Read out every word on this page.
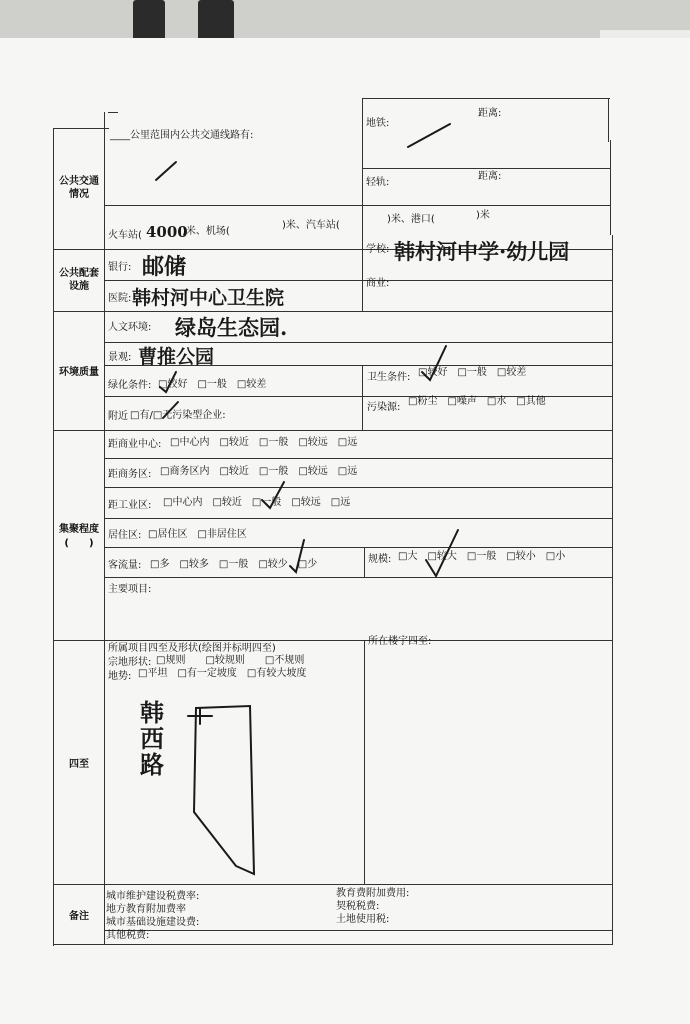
公共交通情况
公共配套设施
环境质量
集聚程度
(　　)
四至
备注
____公里范围内公共交通线路有:
地铁:
距离:
轻轨:
距离:
火车站( 4000
)米、机场(
)米、汽车站(
)米、港口(	)米
银行: 邮储
学校: 韩村河中学·幼儿园
医院: 韩村河中心卫生院
商业:
人文环境: 绿岛生态园.
景观: 曹推公园
绿化条件: □较好　□一般　□较差
卫生条件: □较好　□一般　□较差
附近 □有/□无污染型企业:
污染源:
□粉尘　□噪声　□水　□其他
距商业中心: □中心内　□较近　□一般　□较远　□远
距商务区: □商务区内　□较近　□一般　□较远　□远
距工业区: □中心内　□较近　□一般　□较远　□远
居住区: □居住区　□非居住区
客流量: □多　□较多　□一般　□较少　□少	规模: □大　□较大　□一般　□较小　□小
主要项目:
所属项目四至及形状(绘图并标明四至)
宗地形状: □规则　　□较规则　　□不规则
地势: □平坦　□有一定坡度　□有较大坡度
所在楼宇四至:
韩西路
城市维护建设税费率:
地方教育附加费率
城市基础设施建设费:
其他税费:
教育费附加费用:
契税税费:
土地使用税:
